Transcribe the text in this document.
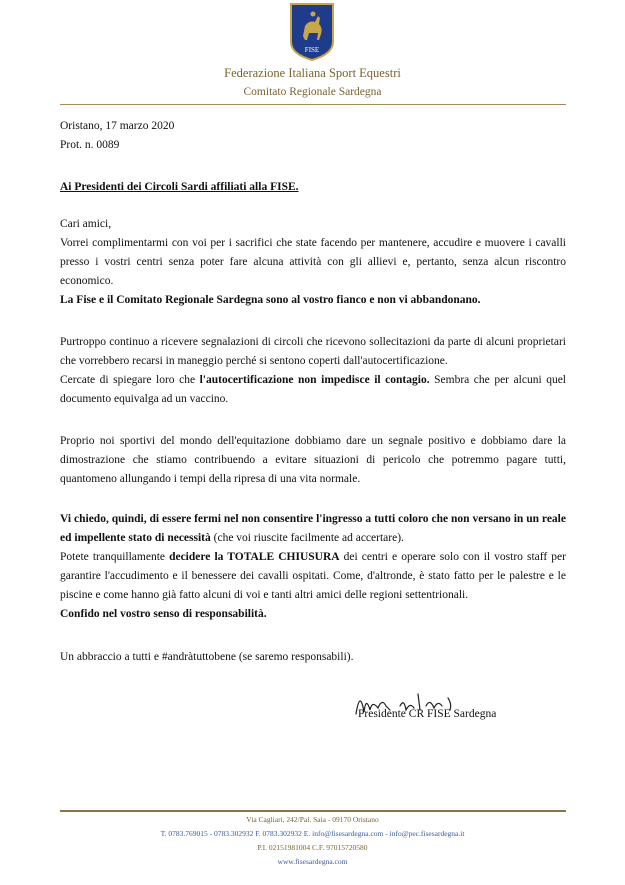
FISE
Federazione Italiana Sport Equestri
Comitato Regionale Sardegna
Oristano, 17 marzo 2020
Prot. n. 0089
Ai Presidenti dei Circoli Sardi affiliati alla FISE.
Cari amici,
Vorrei complimentarmi con voi per i sacrifici che state facendo per mantenere, accudire e muovere i cavalli presso i vostri centri senza poter fare alcuna attività con gli allievi e, pertanto, senza alcun riscontro economico.
La Fise e il Comitato Regionale Sardegna sono al vostro fianco e non vi abbandonano.
Purtroppo continuo a ricevere segnalazioni di circoli che ricevono sollecitazioni da parte di alcuni proprietari che vorrebbero recarsi in maneggio perché si sentono coperti dall'autocertificazione.
Cercate di spiegare loro che l'autocertificazione non impedisce il contagio. Sembra che per alcuni quel documento equivalga ad un vaccino.
Proprio noi sportivi del mondo dell'equitazione dobbiamo dare un segnale positivo e dobbiamo dare la dimostrazione che stiamo contribuendo a evitare situazioni di pericolo che potremmo pagare tutti, quantomeno allungando i tempi della ripresa di una vita normale.
Vi chiedo, quindi, di essere fermi nel non consentire l'ingresso a tutti coloro che non versano in un reale ed impellente stato di necessità (che voi riuscite facilmente ad accertare).
Potete tranquillamente decidere la TOTALE CHIUSURA dei centri e operare solo con il vostro staff per garantire l'accudimento e il benessere dei cavalli ospitati. Come, d'altronde, è stato fatto per le palestre e le piscine e come hanno già fatto alcuni di voi e tanti altri amici delle regioni settentrionali.
Confido nel vostro senso di responsabilità.
Un abbraccio a tutti e #andràtuttobene (se saremo responsabili).
Presidente CR FISE Sardegna
Via Cagliari, 242/Pal. Saia - 09170 Oristano
T. 0783.769015 - 0783.302932 F. 0783.302932 E. info@fisesardegna.com - info@pec.fisesardegna.it
P.I. 02151981004 C.F. 97015720580
www.fisesardegna.com
